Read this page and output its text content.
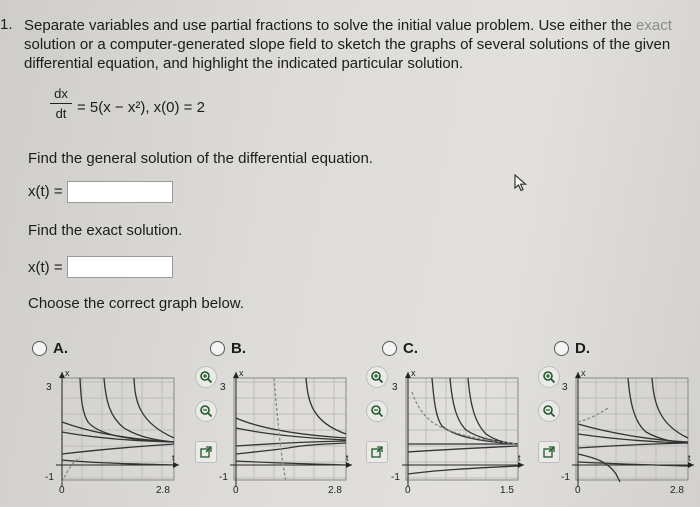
1. Separate variables and use partial fractions to solve the initial value problem. Use either the exact solution or a computer-generated slope field to sketch the graphs of several solutions of the given differential equation, and highlight the indicated particular solution.
dx
dt = 5(x − x²), x(0) = 2
Find the general solution of the differential equation.
x(t) =
Find the exact solution.
x(t) =
Choose the correct graph below.
A.
3
-1
0	2.8
x
t
B.
3
-1
0	2.8
x
t
C.
3
-1
0	1.5
x
t
D.
3
-1
0	2.8
x
t
